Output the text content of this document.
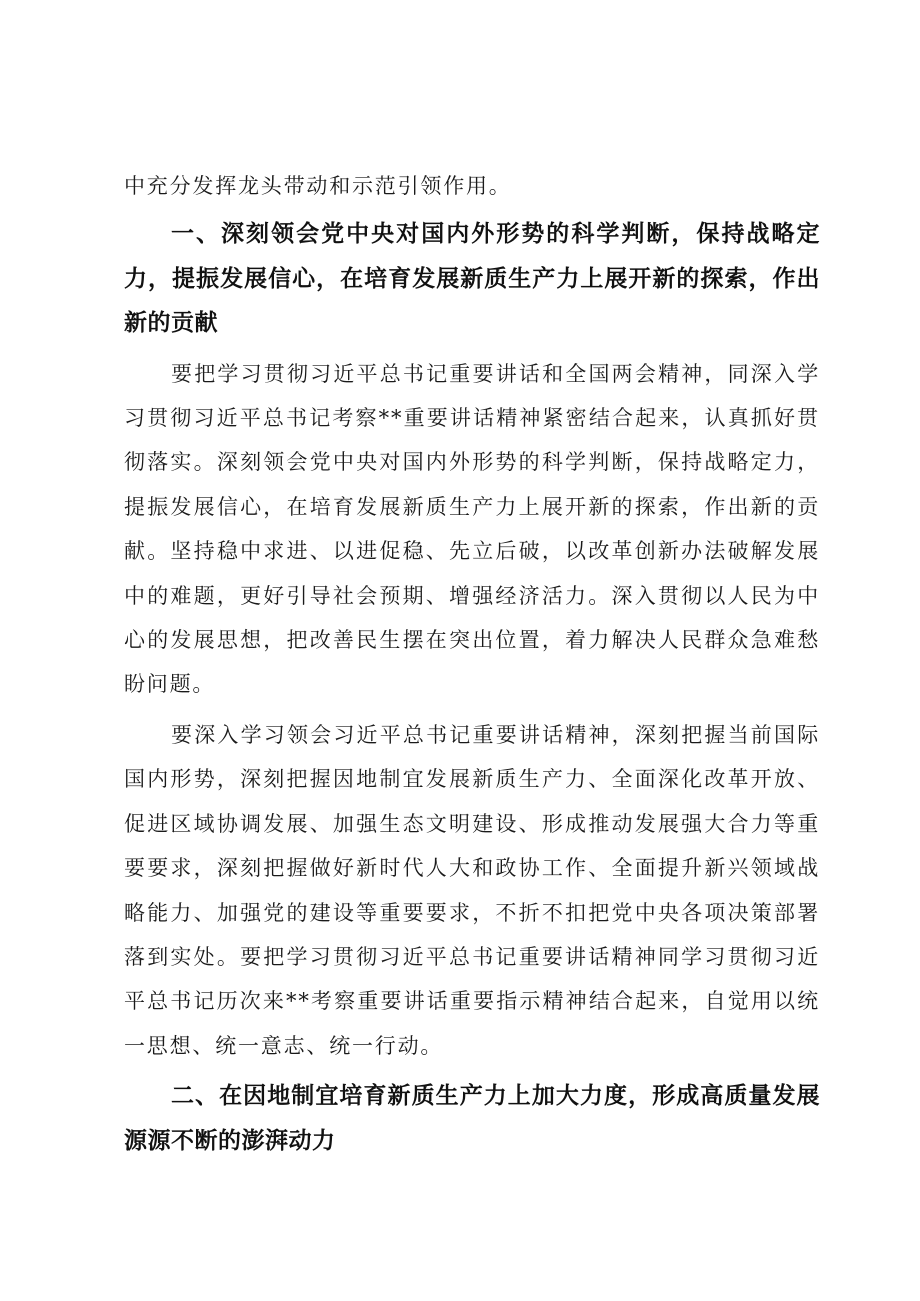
中充分发挥龙头带动和示范引领作用。

一、深刻领会党中央对国内外形势的科学判断，保持战略定力，提振发展信心，在培育发展新质生产力上展开新的探索，作出新的贡献

要把学习贯彻习近平总书记重要讲话和全国两会精神，同深入学习贯彻习近平总书记考察**重要讲话精神紧密结合起来，认真抓好贯彻落实。深刻领会党中央对国内外形势的科学判断，保持战略定力，提振发展信心，在培育发展新质生产力上展开新的探索，作出新的贡献。坚持稳中求进、以进促稳、先立后破，以改革创新办法破解发展中的难题，更好引导社会预期、增强经济活力。深入贯彻以人民为中心的发展思想，把改善民生摆在突出位置，着力解决人民群众急难愁盼问题。

要深入学习领会习近平总书记重要讲话精神，深刻把握当前国际国内形势，深刻把握因地制宜发展新质生产力、全面深化改革开放、促进区域协调发展、加强生态文明建设、形成推动发展强大合力等重要要求，深刻把握做好新时代人大和政协工作、全面提升新兴领域战略能力、加强党的建设等重要要求，不折不扣把党中央各项决策部署落到实处。要把学习贯彻习近平总书记重要讲话精神同学习贯彻习近平总书记历次来**考察重要讲话重要指示精神结合起来，自觉用以统一思想、统一意志、统一行动。

二、在因地制宜培育新质生产力上加大力度，形成高质量发展源源不断的澎湃动力
